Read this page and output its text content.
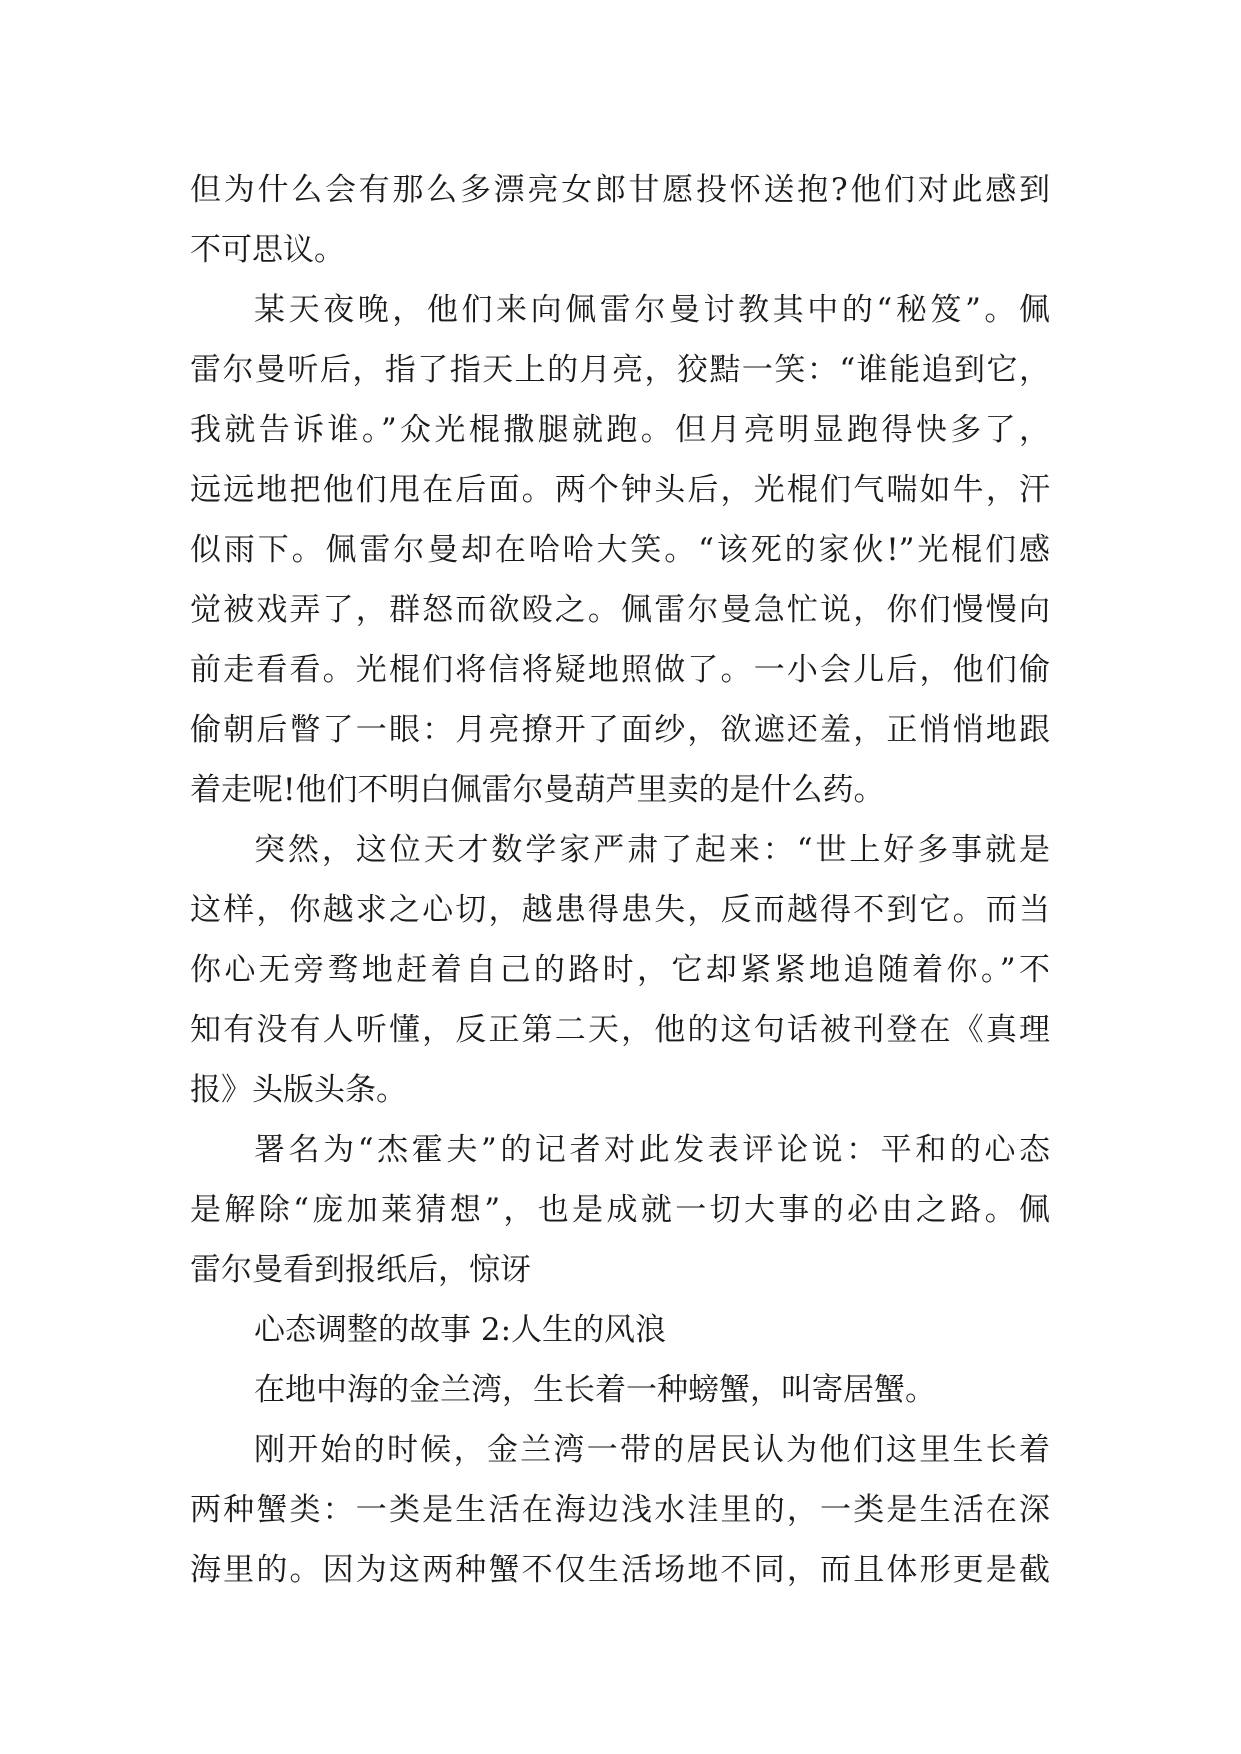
但为什么会有那么多漂亮女郎甘愿投怀送抱?他们对此感到
不可思议。
某天夜晚，他们来向佩雷尔曼讨教其中的“秘笈”。佩
雷尔曼听后，指了指天上的月亮，狡黠一笑：“谁能追到它，
我就告诉谁。”众光棍撒腿就跑。但月亮明显跑得快多了，
远远地把他们甩在后面。两个钟头后，光棍们气喘如牛，汗
似雨下。佩雷尔曼却在哈哈大笑。“该死的家伙!”光棍们感
觉被戏弄了，群怒而欲殴之。佩雷尔曼急忙说，你们慢慢向
前走看看。光棍们将信将疑地照做了。一小会儿后，他们偷
偷朝后瞥了一眼：月亮撩开了面纱，欲遮还羞，正悄悄地跟
着走呢!他们不明白佩雷尔曼葫芦里卖的是什么药。
突然，这位天才数学家严肃了起来：“世上好多事就是
这样，你越求之心切，越患得患失，反而越得不到它。而当
你心无旁骛地赶着自己的路时，它却紧紧地追随着你。”不
知有没有人听懂，反正第二天，他的这句话被刊登在《真理
报》头版头条。
署名为“杰霍夫”的记者对此发表评论说：平和的心态
是解除“庞加莱猜想”，也是成就一切大事的必由之路。佩
雷尔曼看到报纸后，惊讶
心态调整的故事 2:人生的风浪
在地中海的金兰湾，生长着一种螃蟹，叫寄居蟹。
刚开始的时候，金兰湾一带的居民认为他们这里生长着
两种蟹类：一类是生活在海边浅水洼里的，一类是生活在深
海里的。因为这两种蟹不仅生活场地不同，而且体形更是截
